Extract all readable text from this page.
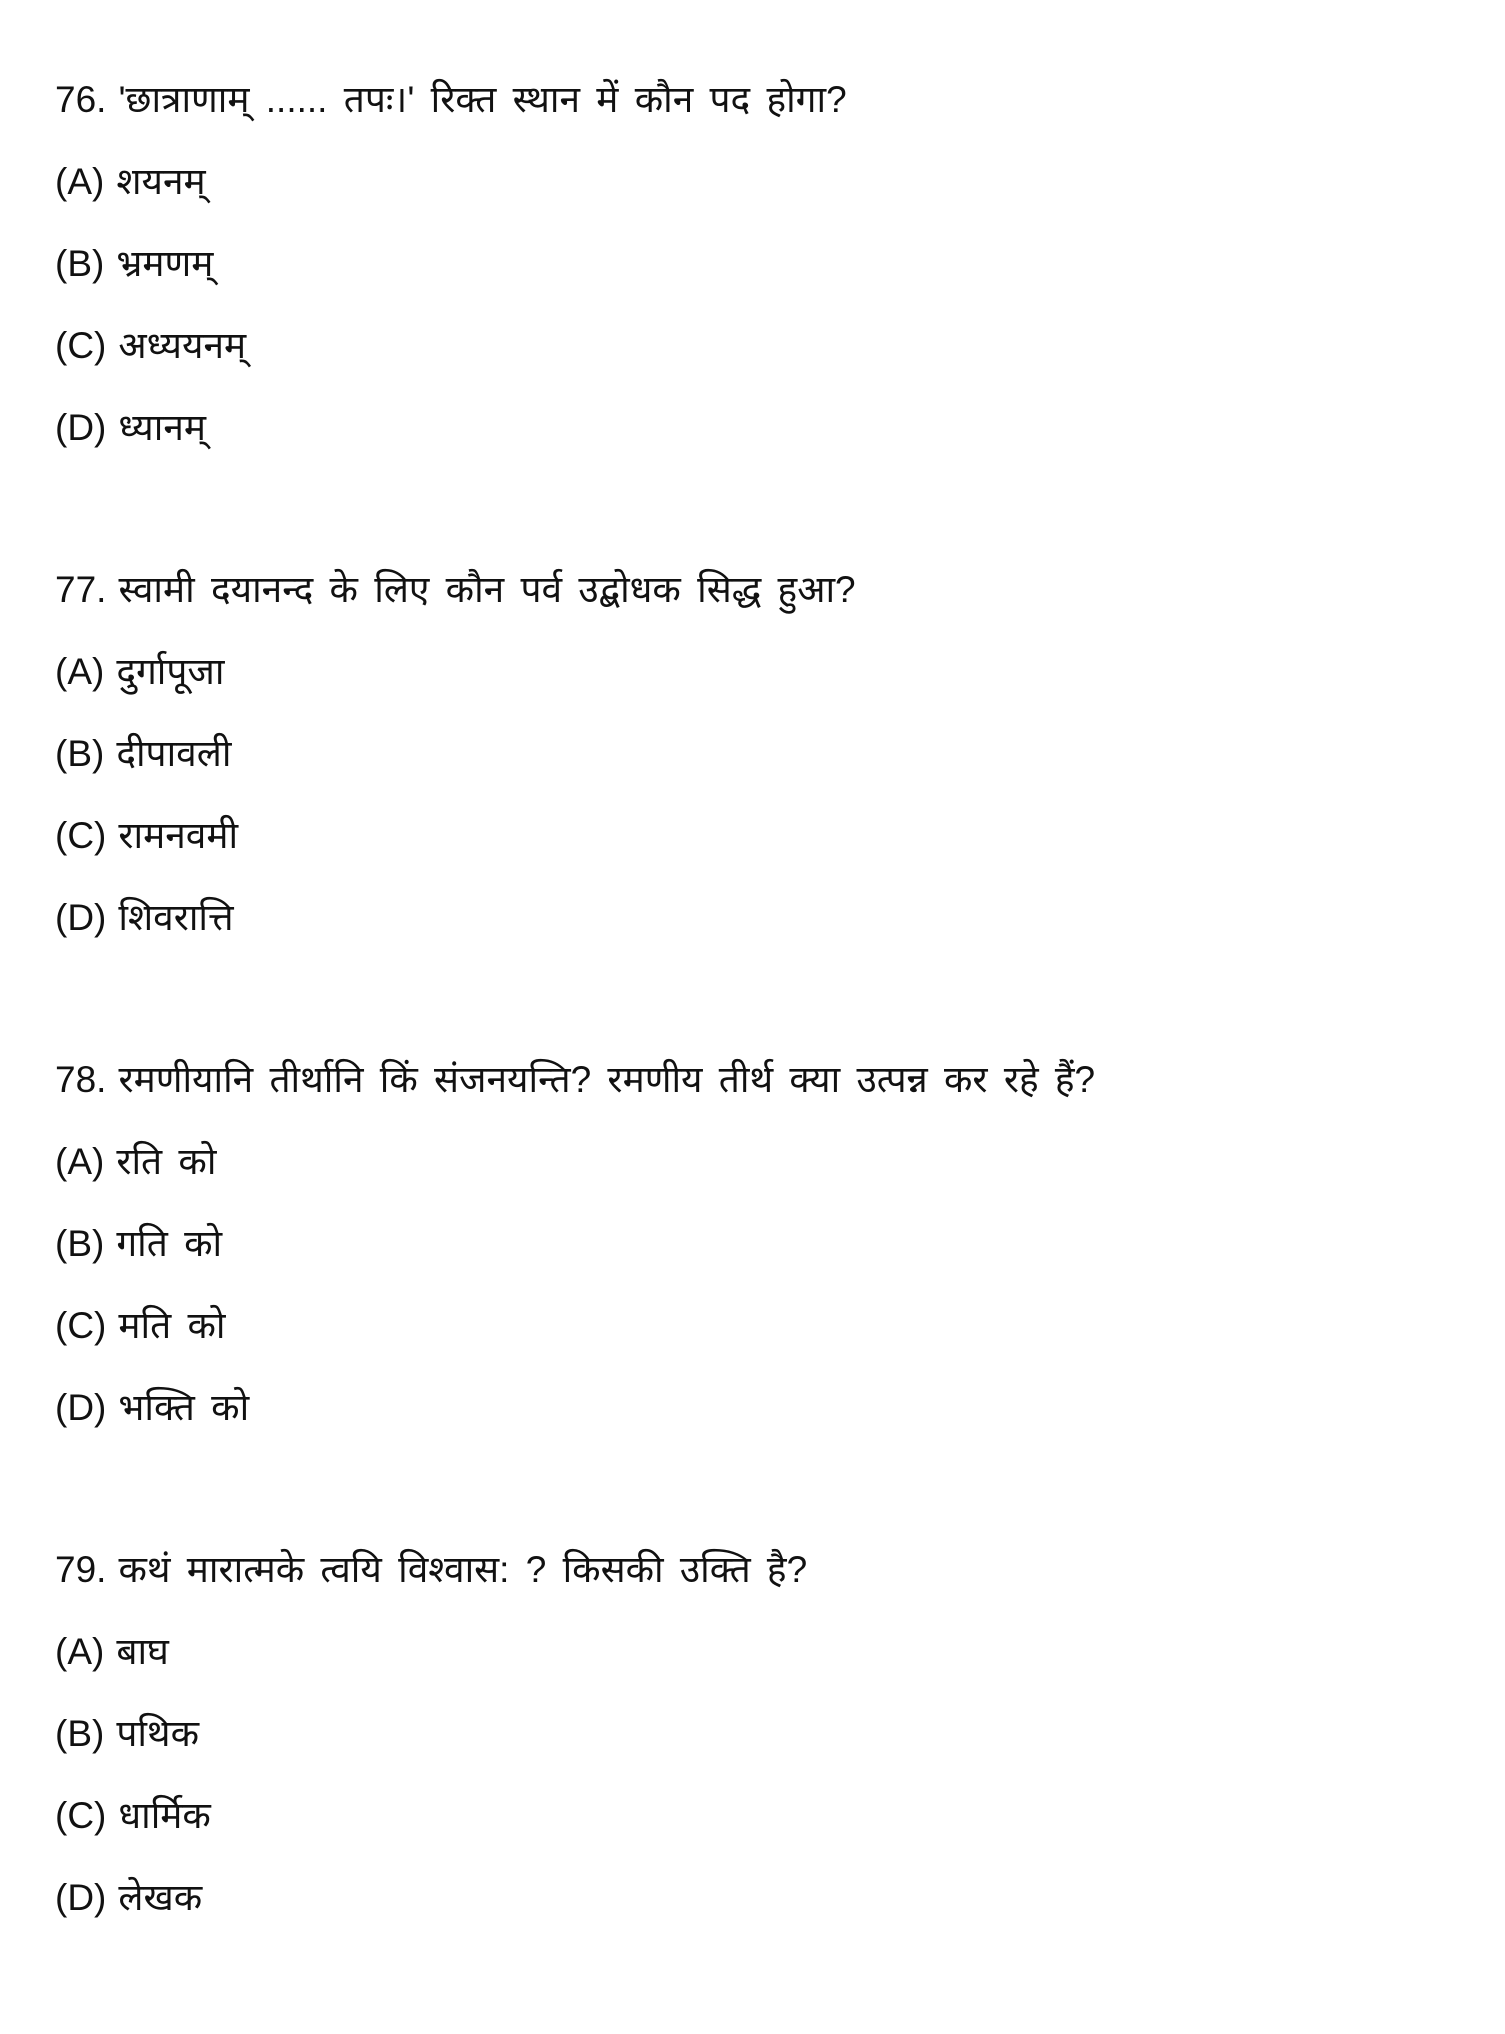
76. 'छात्राणाम् ...... तपः।' रिक्त स्थान में कौन पद होगा?
(A) शयनम्
(B) भ्रमणम्
(C) अध्ययनम्
(D) ध्यानम्
77. स्वामी दयानन्द के लिए कौन पर्व उद्बोधक सिद्ध हुआ?
(A) दुर्गापूजा
(B) दीपावली
(C) रामनवमी
(D) शिवरात्ति
78. रमणीयानि तीर्थानि किं संजनयन्ति? रमणीय तीर्थ क्या उत्पन्न कर रहे हैं?
(A) रति को
(B) गति को
(C) मति को
(D) भक्ति को
79. कथं मारात्मके त्वयि विश्वास: ? किसकी उक्ति है?
(A) बाघ
(B) पथिक
(C) धार्मिक
(D) लेखक
